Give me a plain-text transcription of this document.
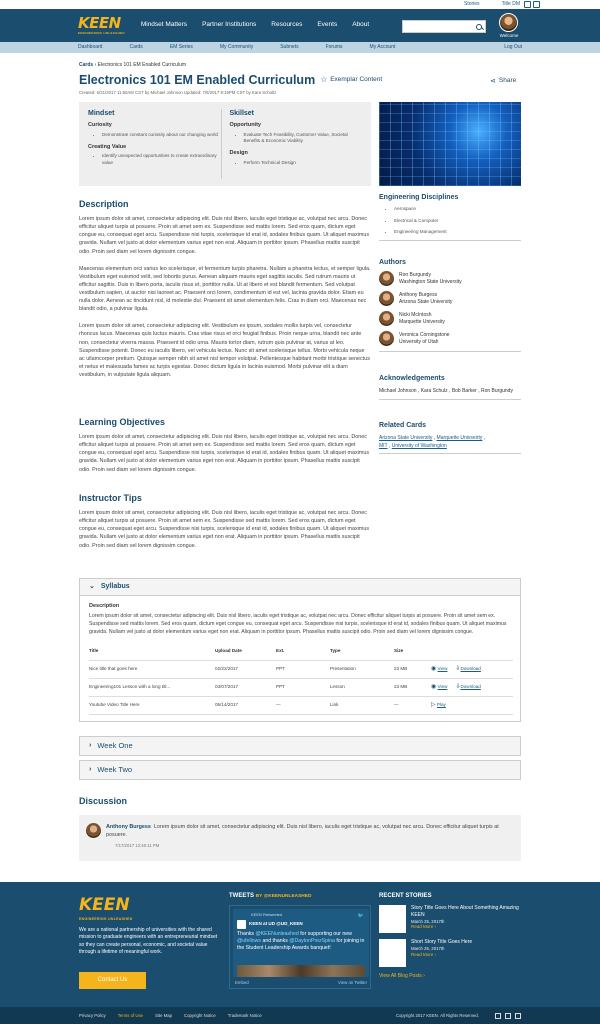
Stories	Title DM
KEEN
ENGINEERING UNLEASHED
Mindset Matters Partner Institutions Resources Events About
Welcome
Dashboard	Cards	EM Series	My Community	Subnets	Forums	My Account	Log Out
Cards › Electronics 101 EM Enabled Curriculum
Electronics 101 EM Enabled Curriculum ☆ Exemplar Content
Created: 6/21/2017 11:50AM CST by Michael Johnson Updated: 7/6/2017 8:15PM CST by Kara Schultz
⋖ Share
Mindset
Curiosity
• Demonstrate constant curiosity about our changing world
Creating Value
• Identify unexpected opportunities to create extraordinary value
Skillset
Opportunity
• Evaluate Tech Feasibility, Customer Value, Societal Benefits & Economic Viability
Design
• Perform Technical Design
Description

Lorem ipsum dolor sit amet, consectetur adipiscing elit. Duis nisl libero, iaculis eget tristique ac, volutpat nec arcu. Donec efficitur aliquet turpis at posuere. Proin sit amet sem ex. Suspendisse sed mattis lorem. Sed eros quam, dictum eget congue eu, consequat eget arcu. Suspendisse nisi turpis, scelerisque id erat id, sodales finibus quam. Ut aliquet maximus gravida. Nullam vel justo at dolor elementum varius eget non erat. Aliquam in porttitor ipsum. Phasellus mattis suscipit odio. Proin sed diam vel lorem dignissim congue.

Maecenas elementum orci varius leo scelerisque, et fermentum turpis pharetra. Nullam a pharetra lectus, et semper ligula. Vestibulum eget euismod velit, sed lobortis purus. Aenean aliquam mauris eget sagittis iaculis. Sed rutrum mauris ut efficitur sagittis. Duis in libero porta, iaculis risus et, porttitor nulla. Ut at libero et est blandit fermentum. Sed volutpat vestibulum sapien, ut auctor nisi laoreet ac. Praesent orci lorem, condimentum id est vel, lacinia gravida dolor. Etiam eu nulla dolor. Aenean ac tincidunt nisl, id molestie dui. Praesent sit amet elementum felis. Cras in diam orci. Maecenas nec blandit odio, a pulvinar ligula.

Lorem ipsum dolor sit amet, consectetur adipiscing elit. Vestibulum ex ipsum, sodales mollis turpis vel, consectetur rhoncus lacus. Maecenas quis luctus mauris. Cras vitae risus et orci feugiat finibus. Proin neque urna, blandit nec ante non, consectetur viverra massa. Praesent id odio urna. Mauris tortor diam, rutrum quis pulvinar at, varius at leo. Suspendisse potenti. Donec eu iaculis libero, vel vehicula lectus. Nunc sit amet scelerisque tellus. Morbi vehicula neque ac ullamcorper pretium. Quisque semper nibh sit amet nisl tempor volutpat. Pellentesque habitant morbi tristique senectus et netus et malesuada fames ac turpis egestas. Donec dictum ligula in lacinia euismod. Morbi pulvinar elit a diam vestibulum, in vulputate ligula aliquam.

Learning Objectives

Lorem ipsum dolor sit amet, consectetur adipiscing elit. Duis nisl libero, iaculis eget tristique ac, volutpat nec arcu. Donec efficitur aliquet turpis at posuere. Proin sit amet sem ex. Suspendisse sed mattis lorem. Sed eros quam, dictum eget congue eu, consequat eget arcu. Suspendisse nisi turpis, scelerisque id erat id, sodales finibus quam. Ut aliquet maximus gravida. Nullam vel justo at dolor elementum varius eget non erat. Aliquam in porttitor ipsum. Phasellus mattis suscipit odio. Proin sed diam vel lorem dignissim congue.

Instructor Tips

Lorem ipsum dolor sit amet, consectetur adipiscing elit. Duis nisl libero, iaculis eget tristique ac, volutpat nec arcu. Donec efficitur aliquet turpis at posuere. Proin sit amet sem ex. Suspendisse sed mattis lorem. Sed eros quam, dictum eget congue eu, consequat eget arcu. Suspendisse nisi turpis, scelerisque id erat id, sodales finibus quam. Ut aliquet maximus gravida. Nullam vel justo at dolor elementum varius eget non erat. Aliquam in porttitor ipsum. Phasellus mattis suscipit odio. Proin sed diam vel lorem dignissim congue.

Engineering Disciplines
• Aerospace
• Electrical & Computer
• Engineering Management
Authors
Ron Burgundy
Washington State University
Anthony Burgess
Arizona State University
Nicki McIntosh
Marquette University
Veronica Corningstone
University of Utah
Acknowledgements

Michael Johnson , Kara Schulz , Bob Barker , Ron Burgundy

Related Cards
Arizona State University , Marquette Univseirty ,
MIT , University of Washington
⌄ Syllabus
Description

Lorem ipsum dolor sit amet, consectetur adipiscing elit. Duis nisl libero, iaculis eget tristique ac, volutpat nec arcu. Donec efficitur aliquet turpis at posuere. Proin sit amet sem ex. Suspendisse sed mattis lorem. Sed eros quam, dictum eget congue eu, consequat eget arcu. Suspendisse nisi turpis, scelerisque id erat id, sodales finibus quam. Ut aliquet maximus gravida. Nullam vel justo at dolor elementum varius eget non erat. Aliquam in porttitor ipsum. Phasellus mattis suscipit odio. Proin sed diam vel lorem dignissim congue.

Title	Upload Date	Ext.	Type	Size	
Nice title that goes here	02/22/2017	PPT	Presentation	23 MB	◉ View ⇩Download
Engineering101 Lesson with a long titl...	03/07/2017	PPT	Lesson	23 MB	◉ View ⇩Download
Youtube Video Title Here	05/14/2017	—	Link	—	▷ Play
› Week One
› Week Two
Discussion

Anthony Burgess Lorem ipsum dolor sit amet, consectetur adipiscing elit. Duis nisl libero, iaculis eget tristique ac, volutpat nec arcu. Donec efficitur aliquet turpis at posuere.

7/17/2017 12:46:11 PM
KEEN
ENGINEERING UNLEASHED

We are a national partnership of universities with the shared mission to graduate engineers with an entrepreneurial mindset so they can create personal, economic, and societal value through a lifetime of meaningful work.

Contact Us
TWEETS BY @KEENUNLEASHED
KEEN Retweeted	🐦
KEEN at UD @UD_KEEN
Thanks @KEENunleashed for supporting our new @ufellows and thanks @DaytonPrezSpina for joining in the Student Leadership Awards banquet!
Embed	View on Twitter
RECENT STORIES
Story Title Goes Here About Something Amazing KEEN
March 25, 2017th
Read More ›
Short Story Title Goes Here
March 25, 2017th
Read More ›
View All Blog Posts ›
Privacy Policy	Terms of Use	Site Map	Copyright Notice	Trademark Notice	Copyright 2017 KEEN. All Rights Reserved.
